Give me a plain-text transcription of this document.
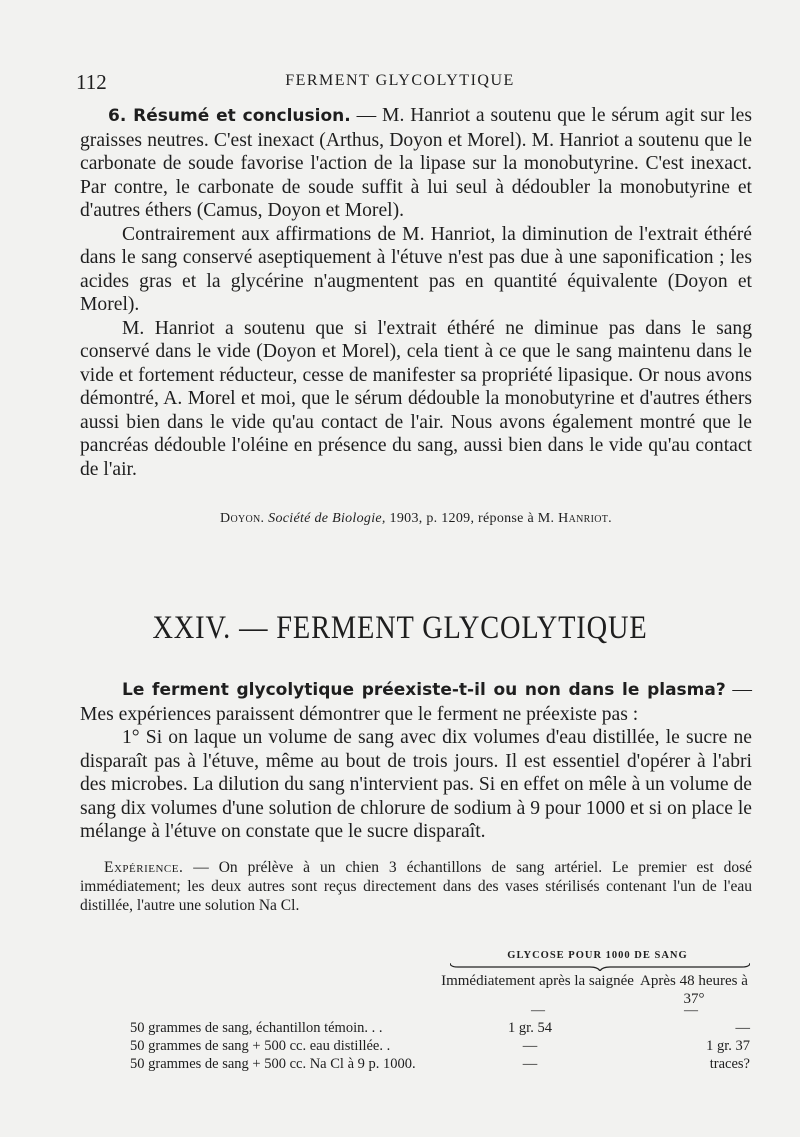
112	FERMENT GLYCOLYTIQUE

6. Résumé et conclusion. — M. Hanriot a soutenu que le sérum agit sur les graisses neutres. C'est inexact (Arthus, Doyon et Morel). M. Hanriot a soutenu que le carbonate de soude favorise l'action de la lipase sur la monobutyrine. C'est inexact. Par contre, le carbonate de soude suffit à lui seul à dédoubler la monobutyrine et d'autres éthers (Camus, Doyon et Morel).

Contrairement aux affirmations de M. Hanriot, la diminution de l'extrait éthéré dans le sang conservé aseptiquement à l'étuve n'est pas due à une saponification ; les acides gras et la glycérine n'augmentent pas en quantité équivalente (Doyon et Morel).

M. Hanriot a soutenu que si l'extrait éthéré ne diminue pas dans le sang conservé dans le vide (Doyon et Morel), cela tient à ce que le sang maintenu dans le vide et fortement réducteur, cesse de manifester sa propriété lipasique. Or nous avons démontré, A. Morel et moi, que le sérum dédouble la monobutyrine et d'autres éthers aussi bien dans le vide qu'au contact de l'air. Nous avons également montré que le pancréas dédouble l'oléine en présence du sang, aussi bien dans le vide qu'au contact de l'air.

Doyon. Société de Biologie, 1903, p. 1209, réponse à M. Hanriot.
XXIV. — FERMENT GLYCOLYTIQUE

Le ferment glycolytique préexiste-t-il ou non dans le plasma? — Mes expériences paraissent démontrer que le ferment ne préexiste pas :

1° Si on laque un volume de sang avec dix volumes d'eau distillée, le sucre ne disparaît pas à l'étuve, même au bout de trois jours. Il est essentiel d'opérer à l'abri des microbes. La dilution du sang n'intervient pas. Si en effet on mêle à un volume de sang dix volumes d'une solution de chlorure de sodium à 9 pour 1000 et si on place le mélange à l'étuve on constate que le sucre disparaît.

Expérience. — On prélève à un chien 3 échantillons de sang artériel. Le premier est dosé immédiatement; les deux autres sont reçus directement dans des vases stérilisés contenant l'un de l'eau distillée, l'autre une solution Na Cl.

GLYCOSE POUR 1000 DE SANG
Immédiatement après la saignée Après 48 heures à 37°
—	—
50 grammes de sang, échantillon témoin. . .	1 gr. 54	—
50 grammes de sang + 500 cc. eau distillée. .	—	1 gr. 37
50 grammes de sang + 500 cc. Na Cl à 9 p. 1000.	—	traces?
